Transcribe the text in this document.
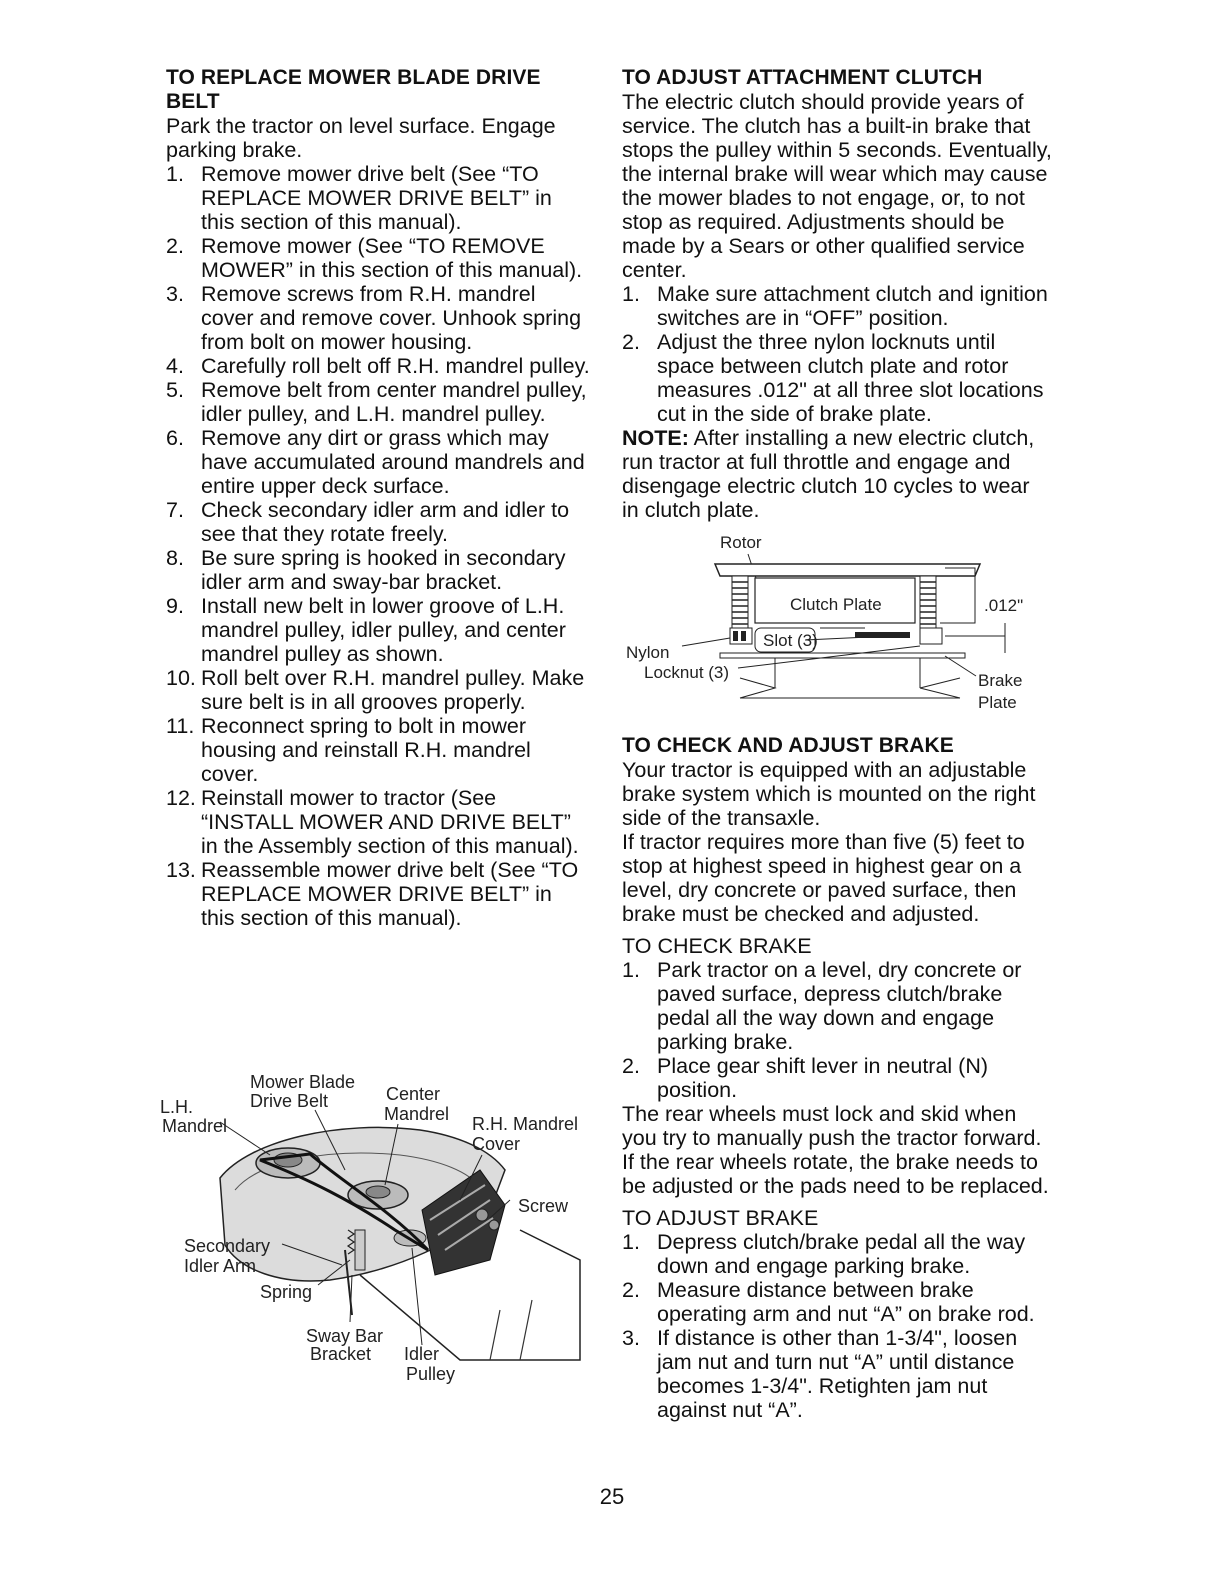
TO REPLACE MOWER BLADE DRIVE BELT

Park the tractor on level surface. Engage parking brake.

1. Remove mower drive belt (See “TO REPLACE MOWER DRIVE BELT” in this section of this manual).
2. Remove mower (See “TO REMOVE MOWER” in this section of this manual).
3. Remove screws from R.H. mandrel cover and remove cover. Unhook spring from bolt on mower housing.
4. Carefully roll belt off R.H. mandrel pulley.
5. Remove belt from center mandrel pulley, idler pulley, and L.H. mandrel pulley.
6. Remove any dirt or grass which may have accumulated around mandrels and entire upper deck surface.
7. Check secondary idler arm and idler to see that they rotate freely.
8. Be sure spring is hooked in secondary idler arm and sway-bar bracket.
9. Install new belt in lower groove of L.H. mandrel pulley, idler pulley, and center mandrel pulley as shown.
10. Roll belt over R.H. mandrel pulley. Make sure belt is in all grooves properly.
11. Reconnect spring to bolt in mower housing and reinstall R.H. mandrel cover.
12. Reinstall mower to tractor (See “INSTALL MOWER AND DRIVE BELT” in the Assembly section of this manual).
13. Reassemble mower drive belt (See “TO REPLACE MOWER DRIVE BELT” in this section of this manual).
Mower Blade
Drive Belt
L.H.
Mandrel
Center
Mandrel R.H. Mandrel
Cover
Screw
Secondary
Idler Arm
Spring
Sway Bar
Bracket Idler
Pulley
TO ADJUST ATTACHMENT CLUTCH

The electric clutch should provide years of service. The clutch has a built-in brake that stops the pulley within 5 seconds. Eventually, the internal brake will wear which may cause the mower blades to not engage, or, to not stop as required. Adjustments should be made by a Sears or other qualified service center.

1. Make sure attachment clutch and ignition switches are in “OFF” position.
2. Adjust the three nylon locknuts until space between clutch plate and rotor measures .012" at all three slot locations cut in the side of brake plate.

NOTE: After installing a new electric clutch, run tractor at full throttle and engage and disengage electric clutch 10 cycles to wear in clutch plate.

TO CHECK AND ADJUST BRAKE

Your tractor is equipped with an adjustable brake system which is mounted on the right side of the transaxle.

If tractor requires more than five (5) feet to stop at highest speed in highest gear on a level, dry concrete or paved surface, then brake must be checked and adjusted.

TO CHECK BRAKE

1. Park tractor on a level, dry concrete or paved surface, depress clutch/brake pedal all the way down and engage parking brake.
2. Place gear shift lever in neutral (N) position.

The rear wheels must lock and skid when you try to manually push the tractor forward. If the rear wheels rotate, the brake needs to be adjusted or the pads need to be replaced.

TO ADJUST BRAKE

1. Depress clutch/brake pedal all the way down and engage parking brake.
2. Measure distance between brake operating arm and nut “A” on brake rod.
3. If distance is other than 1-3/4", loosen jam nut and turn nut “A” until distance becomes 1-3/4". Retighten jam nut against nut “A”.
Rotor
Clutch Plate	.012"
Slot (3)
Nylon
Locknut (3)	Brake
Plate
25
